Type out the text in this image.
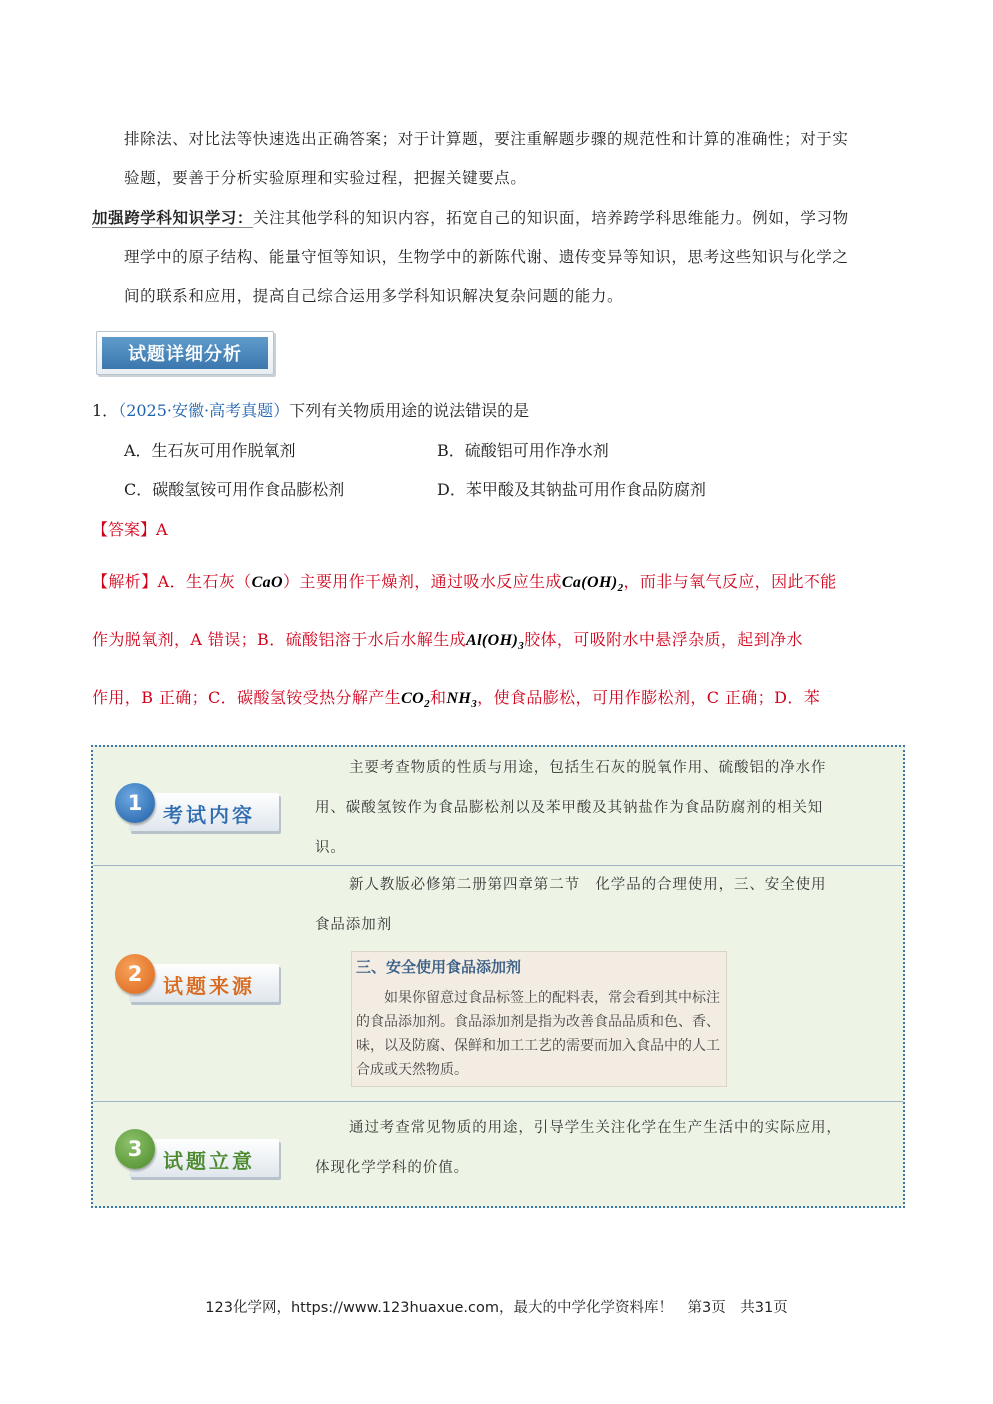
排除法、对比法等快速选出正确答案；对于计算题，要注重解题步骤的规范性和计算的准确性；对于实
验题，要善于分析实验原理和实验过程，把握关键要点。
加强跨学科知识学习：关注其他学科的知识内容，拓宽自己的知识面，培养跨学科思维能力。例如，学习物
理学中的原子结构、能量守恒等知识，生物学中的新陈代谢、遗传变异等知识，思考这些知识与化学之
间的联系和应用，提高自己综合运用多学科知识解决复杂问题的能力。
试题详细分析
1．（2025·安徽·高考真题）下列有关物质用途的说法错误的是
A．生石灰可用作脱氧剂	B．硫酸铝可用作净水剂
C．碳酸氢铵可用作食品膨松剂	D．苯甲酸及其钠盐可用作食品防腐剂
【答案】A
【解析】A．生石灰（CaO）主要用作干燥剂，通过吸水反应生成$Ca(OH)_2$，而非与氧气反应，因此不能
作为脱氧剂，A 错误；B．硫酸铝溶于水后水解生成$Al(OH)_3$胶体，可吸附水中悬浮杂质，起到净水
作用，B 正确；C．碳酸氢铵受热分解产生$CO_2$和$NH_3$，使食品膨松，可用作膨松剂，C 正确；D．苯
1	考试内容
主要考查物质的性质与用途，包括生石灰的脱氧作用、硫酸铝的净水作
用、碳酸氢铵作为食品膨松剂以及苯甲酸及其钠盐作为食品防腐剂的相关知
识。
2	试题来源
新人教版必修第二册第四章第二节　化学品的合理使用，三、安全使用
食品添加剂
三、安全使用食品添加剂
如果你留意过食品标签上的配料表，常会看到其中标注的食品添加剂。食品添加剂是指为改善食品品质和色、香、味，以及防腐、保鲜和加工工艺的需要而加入食品中的人工合成或天然物质。
3	试题立意
通过考查常见物质的用途，引导学生关注化学在生产生活中的实际应用，
体现化学学科的价值。
123化学网，https://www.123huaxue.com，最大的中学化学资料库！　第3页　共31页
